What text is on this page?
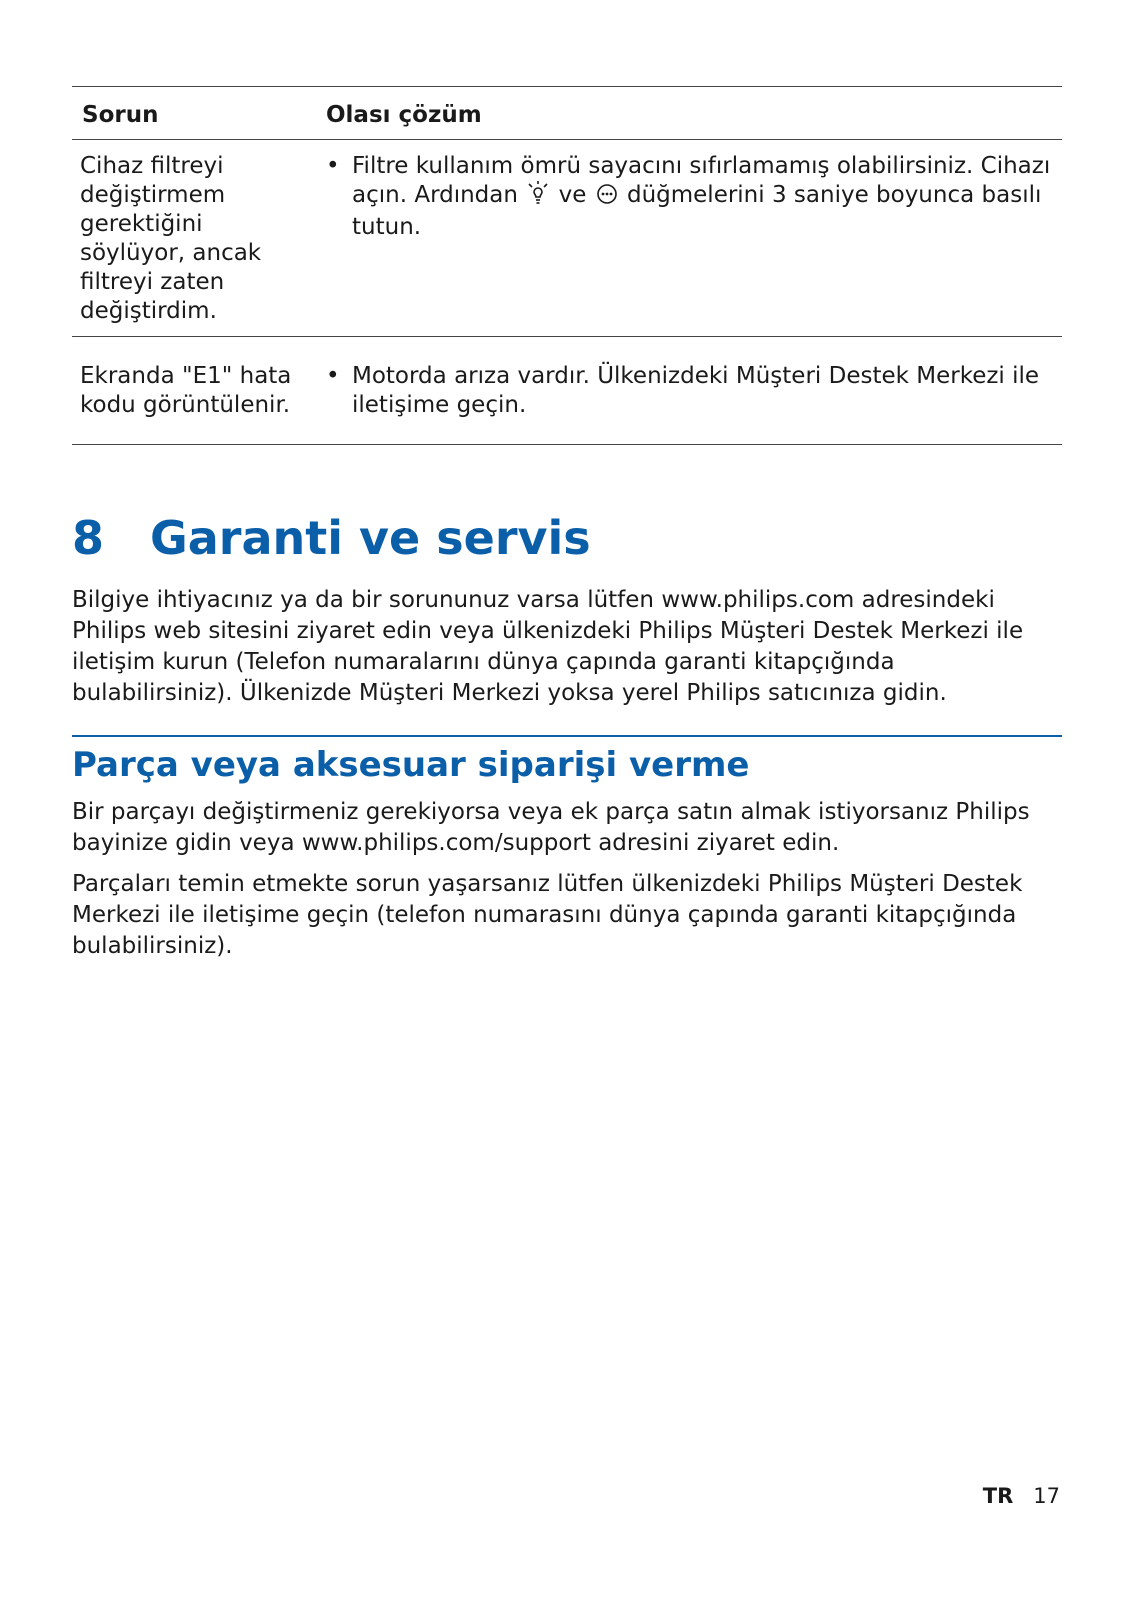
Sorun	Olası çözüm
Cihaz filtreyi değiştirmem gerektiğini söylüyor, ancak filtreyi zaten değiştirdim.	• Filtre kullanım ömrü sayacını sıfırlamamış olabilirsiniz. Cihazı açın. Ardından ve düğmelerini 3 saniye boyunca basılı tutun.

Ekranda "E1" hata kodu görüntülenir.	• Motorda arıza vardır. Ülkenizdeki Müşteri Destek Merkezi ile iletişime geçin.
8 Garanti ve servis

Bilgiye ihtiyacınız ya da bir sorununuz varsa lütfen www.philips.com adresindeki Philips web sitesini ziyaret edin veya ülkenizdeki Philips Müşteri Destek Merkezi ile iletişim kurun (Telefon numaralarını dünya çapında garanti kitapçığında bulabilirsiniz). Ülkenizde Müşteri Merkezi yoksa yerel Philips satıcınıza gidin.

Parça veya aksesuar siparişi verme

Bir parçayı değiştirmeniz gerekiyorsa veya ek parça satın almak istiyorsanız Philips bayinize gidin veya www.philips.com/support adresini ziyaret edin.

Parçaları temin etmekte sorun yaşarsanız lütfen ülkenizdeki Philips Müşteri Destek Merkezi ile iletişime geçin (telefon numarasını dünya çapında garanti kitapçığında bulabilirsiniz).

TR 17
